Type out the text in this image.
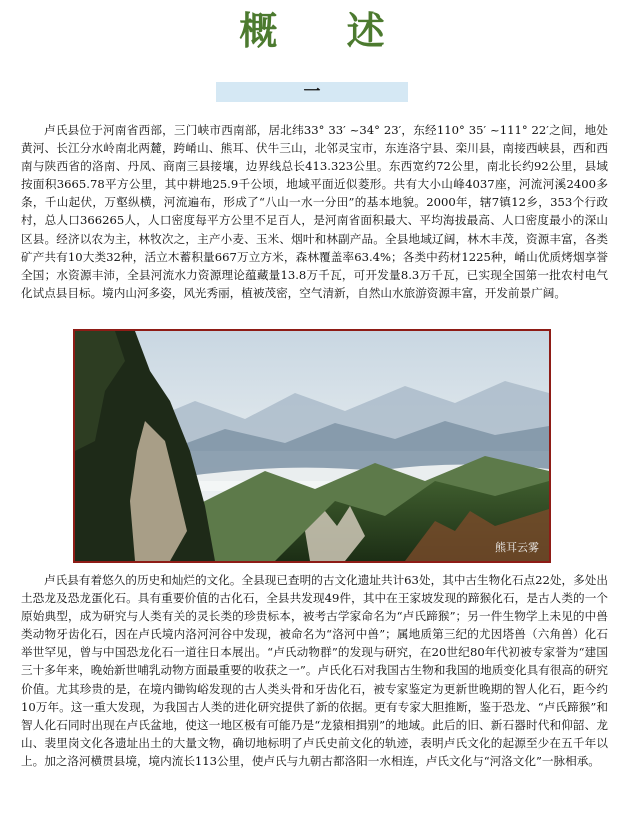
概 述
一

卢氏县位于河南省西部，三门峡市西南部，居北纬33° 33′ ~34° 23′，东经110° 35′ ~111° 22′之间，地处黄河、长江分水岭南北两麓，跨崤山、熊耳、伏牛三山，北邻灵宝市，东连洛宁县、栾川县，南接西峡县，西和西南与陕西省的洛南、丹凤、商南三县接壤，边界线总长413.323公里。东西宽约72公里，南北长约92公里，县域按面积3665.78平方公里，其中耕地25.9千公顷，地域平面近似菱形。共有大小山峰4037座，河流河溪2400多条，千山起伏，万壑纵横，河流遍布，形成了“八山一水一分田”的基本地貌。2000年，辖7镇12乡，353个行政村，总人口366265人，人口密度每平方公里不足百人，是河南省面积最大、平均海拔最高、人口密度最小的深山区县。经济以农为主，林牧次之，主产小麦、玉米、烟叶和林副产品。全县地域辽阔，林木丰茂，资源丰富，各类矿产共有10大类32种，活立木蓄积量667万立方米，森林覆盖率63.4%；各类中药材1225种，崤山优质烤烟享誉全国；水资源丰沛，全县河流水力资源理论蕴藏量13.8万千瓦，可开发量8.3万千瓦，已实现全国第一批农村电气化试点县目标。境内山河多姿，风光秀丽，植被茂密，空气清新，自然山水旅游资源丰富，开发前景广阔。

熊耳云雾

卢氏县有着悠久的历史和灿烂的文化。全县现已查明的古文化遗址共计63处，其中古生物化石点22处，多处出土恐龙及恐龙蛋化石。具有重要价值的古化石，全县共发现49件，其中在王家坡发现的蹄猴化石，是古人类的一个原始典型，成为研究与人类有关的灵长类的珍贵标本，被考古学家命名为“卢氏蹄猴”；另一件生物学上未见的中兽类动物牙齿化石，因在卢氏境内洛河河谷中发现，被命名为“洛河中兽”；属地质第三纪的尤因塔兽（六角兽）化石举世罕见，曾与中国恐龙化石一道往日本展出。“卢氏动物群”的发现与研究，在20世纪80年代初被专家誉为“建国三十多年来，晚始新世哺乳动物方面最重要的收获之一”。卢氏化石对我国古生物和我国的地质变化具有很高的研究价值。尤其珍贵的是，在境内锄钩峪发现的古人类头骨和牙齿化石，被专家鉴定为更新世晚期的智人化石，距今约10万年。这一重大发现，为我国古人类的进化研究提供了新的依据。更有专家大胆推断，鉴于恐龙、“卢氏蹄猴”和智人化石同时出现在卢氏盆地，使这一地区极有可能乃是“龙猿相揖别”的地域。此后的旧、新石器时代和仰韶、龙山、裴里岗文化各遗址出土的大量文物，确切地标明了卢氏史前文化的轨迹，表明卢氏文化的起源至少在五千年以上。加之洛河横贯县境，境内流长113公里，使卢氏与九朝古都洛阳一水相连，卢氏文化与“河洛文化”一脉相承。
